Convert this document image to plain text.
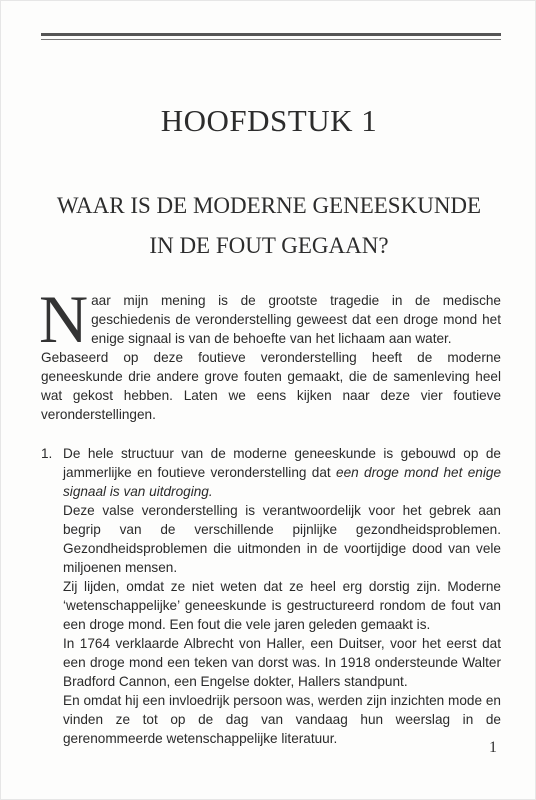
HOOFDSTUK 1
WAAR IS DE MODERNE GENEESKUNDE
IN DE FOUT GEGAAN?

Naar mijn mening is de grootste tragedie in de medische geschiedenis de veronderstelling geweest dat een droge mond het enige signaal is van de behoefte van het lichaam aan water.

Gebaseerd op deze foutieve veronderstelling heeft de moderne geneeskunde drie andere grove fouten gemaakt, die de samenleving heel wat gekost hebben. Laten we eens kijken naar deze vier foutieve veronderstellingen.

1. De hele structuur van de moderne geneeskunde is gebouwd op de jammerlijke en foutieve veronderstelling dat een droge mond het enige signaal is van uitdroging.

Deze valse veronderstelling is verantwoordelijk voor het gebrek aan begrip van de verschillende pijnlijke gezondheidsproblemen. Gezondheidsproblemen die uitmonden in de voortijdige dood van vele miljoenen mensen.

Zij lijden, omdat ze niet weten dat ze heel erg dorstig zijn. Moderne ‘wetenschappelijke’ geneeskunde is gestructureerd rondom de fout van een droge mond. Een fout die vele jaren geleden gemaakt is.

In 1764 verklaarde Albrecht von Haller, een Duitser, voor het eerst dat een droge mond een teken van dorst was. In 1918 ondersteunde Walter Bradford Cannon, een Engelse dokter, Hallers standpunt.

En omdat hij een invloedrijk persoon was, werden zijn inzichten mode en vinden ze tot op de dag van vandaag hun weerslag in de gerenommeerde wetenschappelijke literatuur.

1
